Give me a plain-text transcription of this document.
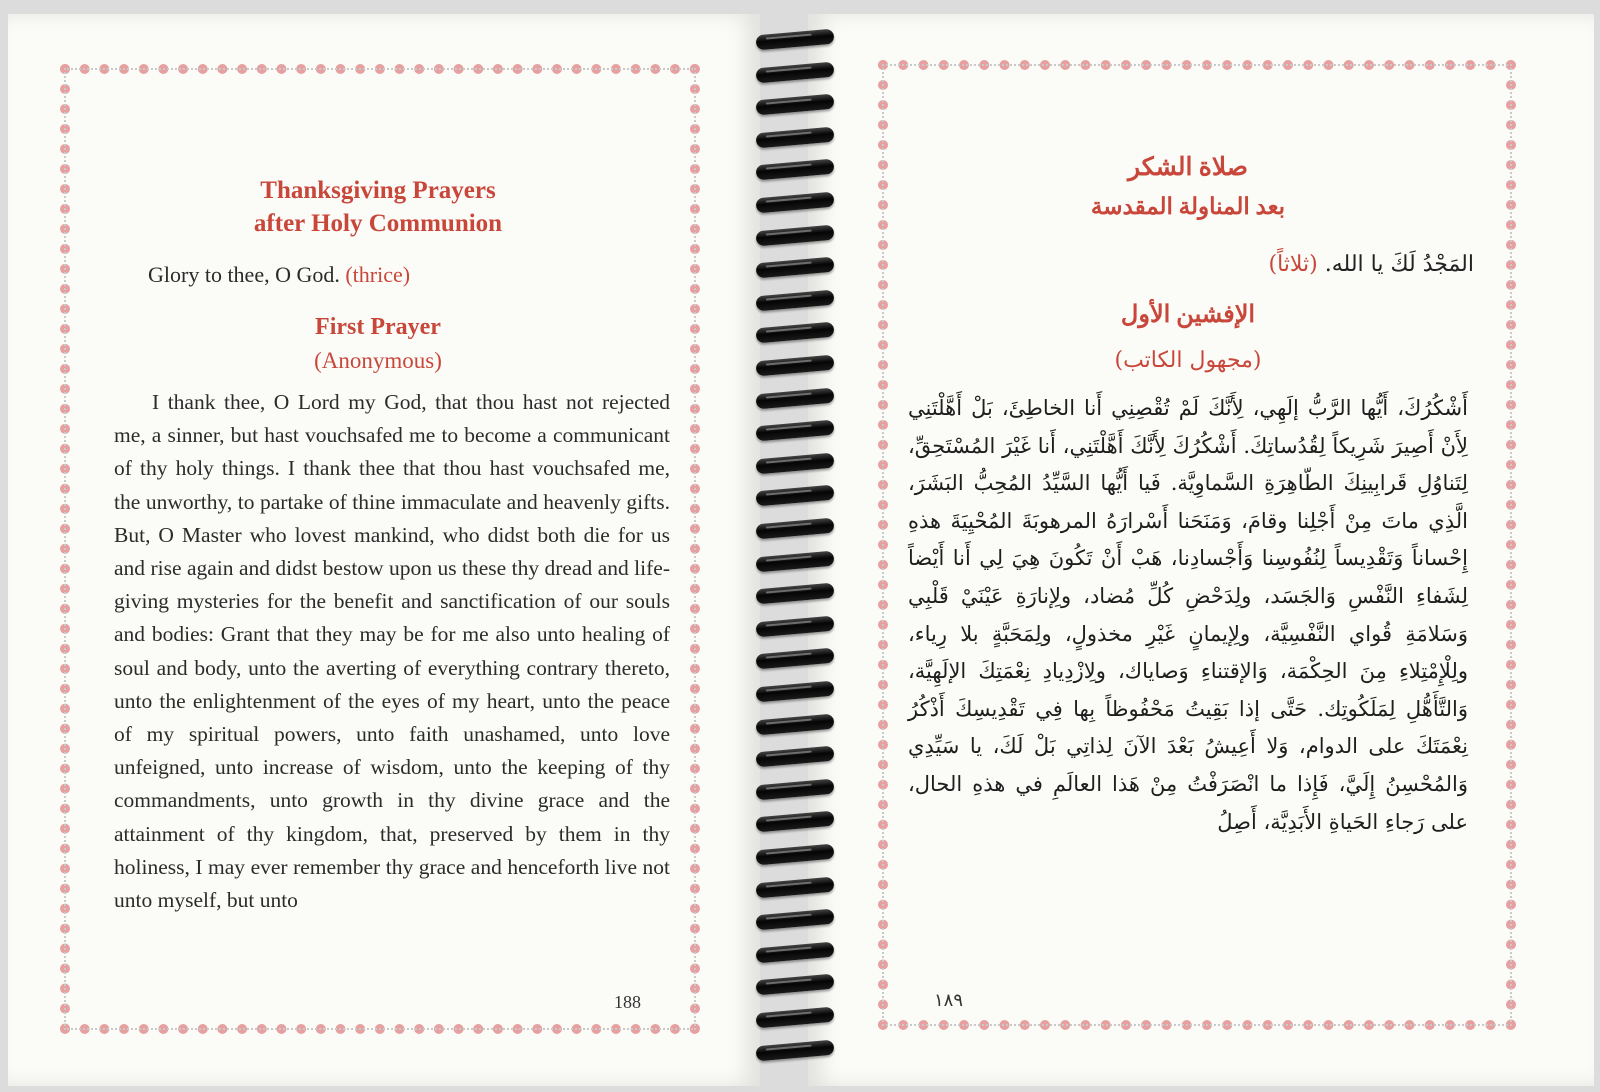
Thanksgiving Prayers
after Holy Communion
Glory to thee, O God. (thrice)
First Prayer
(Anonymous)
I thank thee, O Lord my God, that thou hast not rejected me, a sinner, but hast vouchsafed me to become a communicant of thy holy things. I thank thee that thou hast vouchsafed me, the unworthy, to partake of thine immaculate and heavenly gifts. But, O Master who lovest mankind, who didst both die for us and rise again and didst bestow upon us these thy dread and life-giving mysteries for the benefit and sanctification of our souls and bodies: Grant that they may be for me also unto healing of soul and body, unto the averting of everything contrary thereto, unto the enlightenment of the eyes of my heart, unto the peace of my spiritual powers, unto faith unashamed, unto love unfeigned, unto increase of wisdom, unto the keeping of thy commandments, unto growth in thy divine grace and the attainment of thy kingdom, that, preserved by them in thy holiness, I may ever remember thy grace and henceforth live not unto myself, but unto
188
صلاة الشكر
بعد المناولة المقدسة
المَجْدُ لَكَ يا الله. (ثلاثاً)
الإفشين الأول
(مجهول الكاتب)
أَشْكُرُكَ، أَيُّها الرَّبُّ إلَهِي، لِأَنَّكَ لَمْ تُقْصِنِي أَنا الخاطِئَ، بَلْ أَهَّلْتَنِي لِأَنْ أَصِيرَ شَرِيكاً لِقُدُساتِكَ. أَشْكُرُكَ لِأَنَّكَ أَهَّلْتَنِي، أَنا غَيْرَ المُسْتَحِقِّ، لِتَناوُلِ قَرابِينِكَ الطّاهِرَةِ السَّماوِيَّة. فَيا أَيُّها السَّيِّدُ المُحِبُّ البَشَرَ، الَّذِي ماتَ مِنْ أَجْلِنا وقامَ، وَمَنَحَنا أَسْرارَهُ المرهوبَةَ المُحْيِيَةَ هذهِ إِحْساناً وَتَقْدِيساً لِنُفُوسِنا وَأَجْسادِنا، هَبْ أَنْ تَكُونَ هِيَ لِي أَنا أَيْضاً لِشَفاءِ النَّفْسِ وَالجَسَد، ولِدَحْضِ كُلِّ مُضاد، ولِإنارَةِ عَيْنَيْ قَلْبِي وَسَلامَةِ قُواي النَّفْسِيَّة، ولِإيمانٍ غَيْرِ مخذولٍ، ولِمَحَبَّةٍ بلا رِياء، ولِلْإِمْتِلاءِ مِنَ الحِكْمَة، وَالإقتناءِ وَصاياك، ولِازْدِيادِ نِعْمَتِكَ الإلَهِيَّة، وَالتَّأَهُّلِ لِمَلَكُوتِك. حَتَّى إذا بَقِيتُ مَحْفُوظاً بِها فِي تَقْدِيسِكَ أَذْكُرُ نِعْمَتَكَ على الدوام، وَلا أَعِيشُ بَعْدَ الآنَ لِذاتِي بَلْ لَكَ، يا سَيِّدِي وَالمُحْسِنُ إِلَيَّ، فَإِذا ما انْصَرَفْتُ مِنْ هَذا العالَمِ في هذهِ الحال، على رَجاءِ الحَياةِ الأَبَدِيَّة، أَصِلُ
١٨٩
